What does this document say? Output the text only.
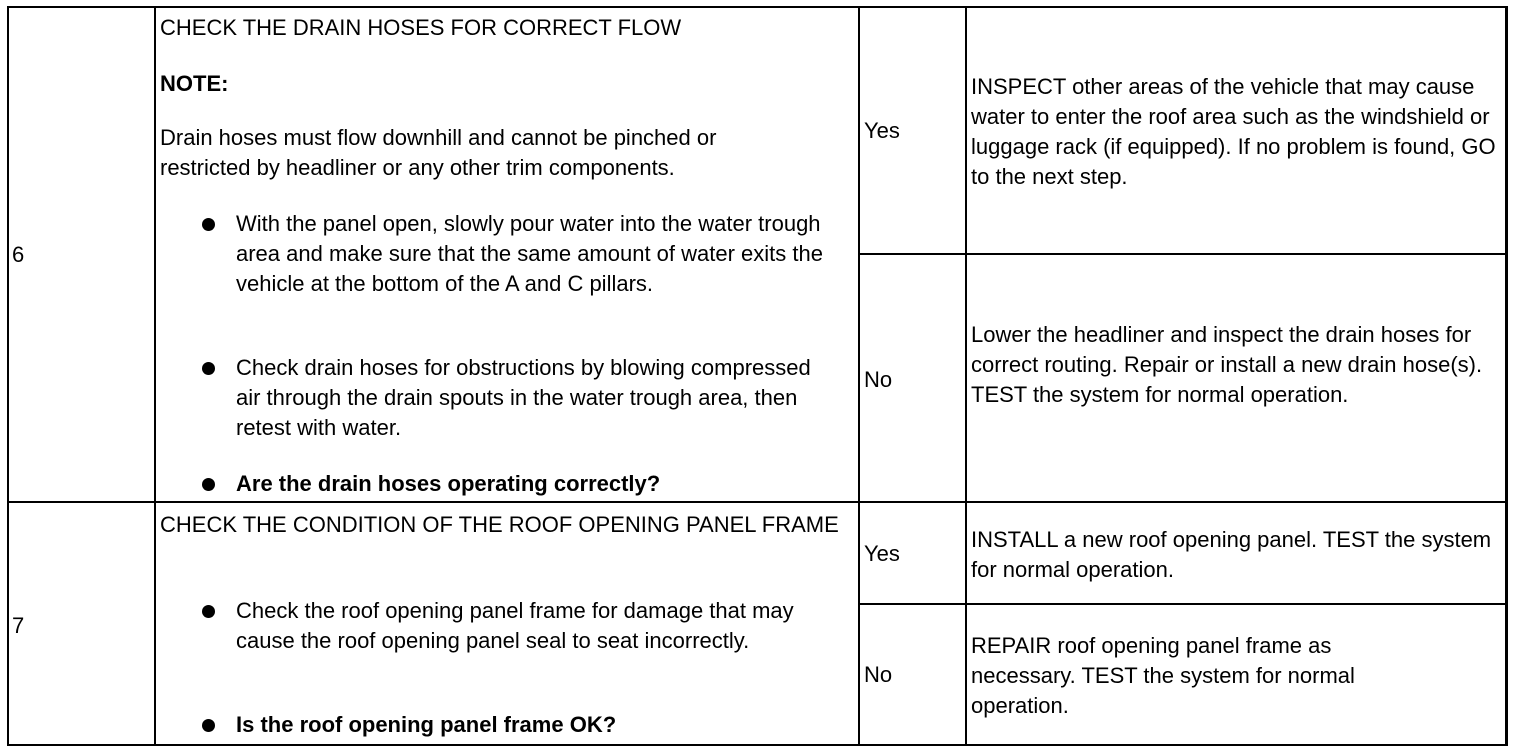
6
CHECK THE DRAIN HOSES FOR CORRECT FLOW
NOTE:
Drain hoses must flow downhill and cannot be pinched or restricted by headliner or any other trim components.
With the panel open, slowly pour water into the water trough area and make sure that the same amount of water exits the vehicle at the bottom of the A and C pillars.
Check drain hoses for obstructions by blowing compressed air through the drain spouts in the water trough area, then retest with water.
Are the drain hoses operating correctly?
Yes
INSPECT other areas of the vehicle that may cause water to enter the roof area such as the windshield or luggage rack (if equipped). If no problem is found, GO to the next step.
No
Lower the headliner and inspect the drain hoses for correct routing. Repair or install a new drain hose(s). TEST the system for normal operation.
7
CHECK THE CONDITION OF THE ROOF OPENING PANEL FRAME
Check the roof opening panel frame for damage that may cause the roof opening panel seal to seat incorrectly.
Is the roof opening panel frame OK?
Yes
INSTALL a new roof opening panel. TEST the system for normal operation.
No
REPAIR roof opening panel frame as necessary. TEST the system for normal operation.
